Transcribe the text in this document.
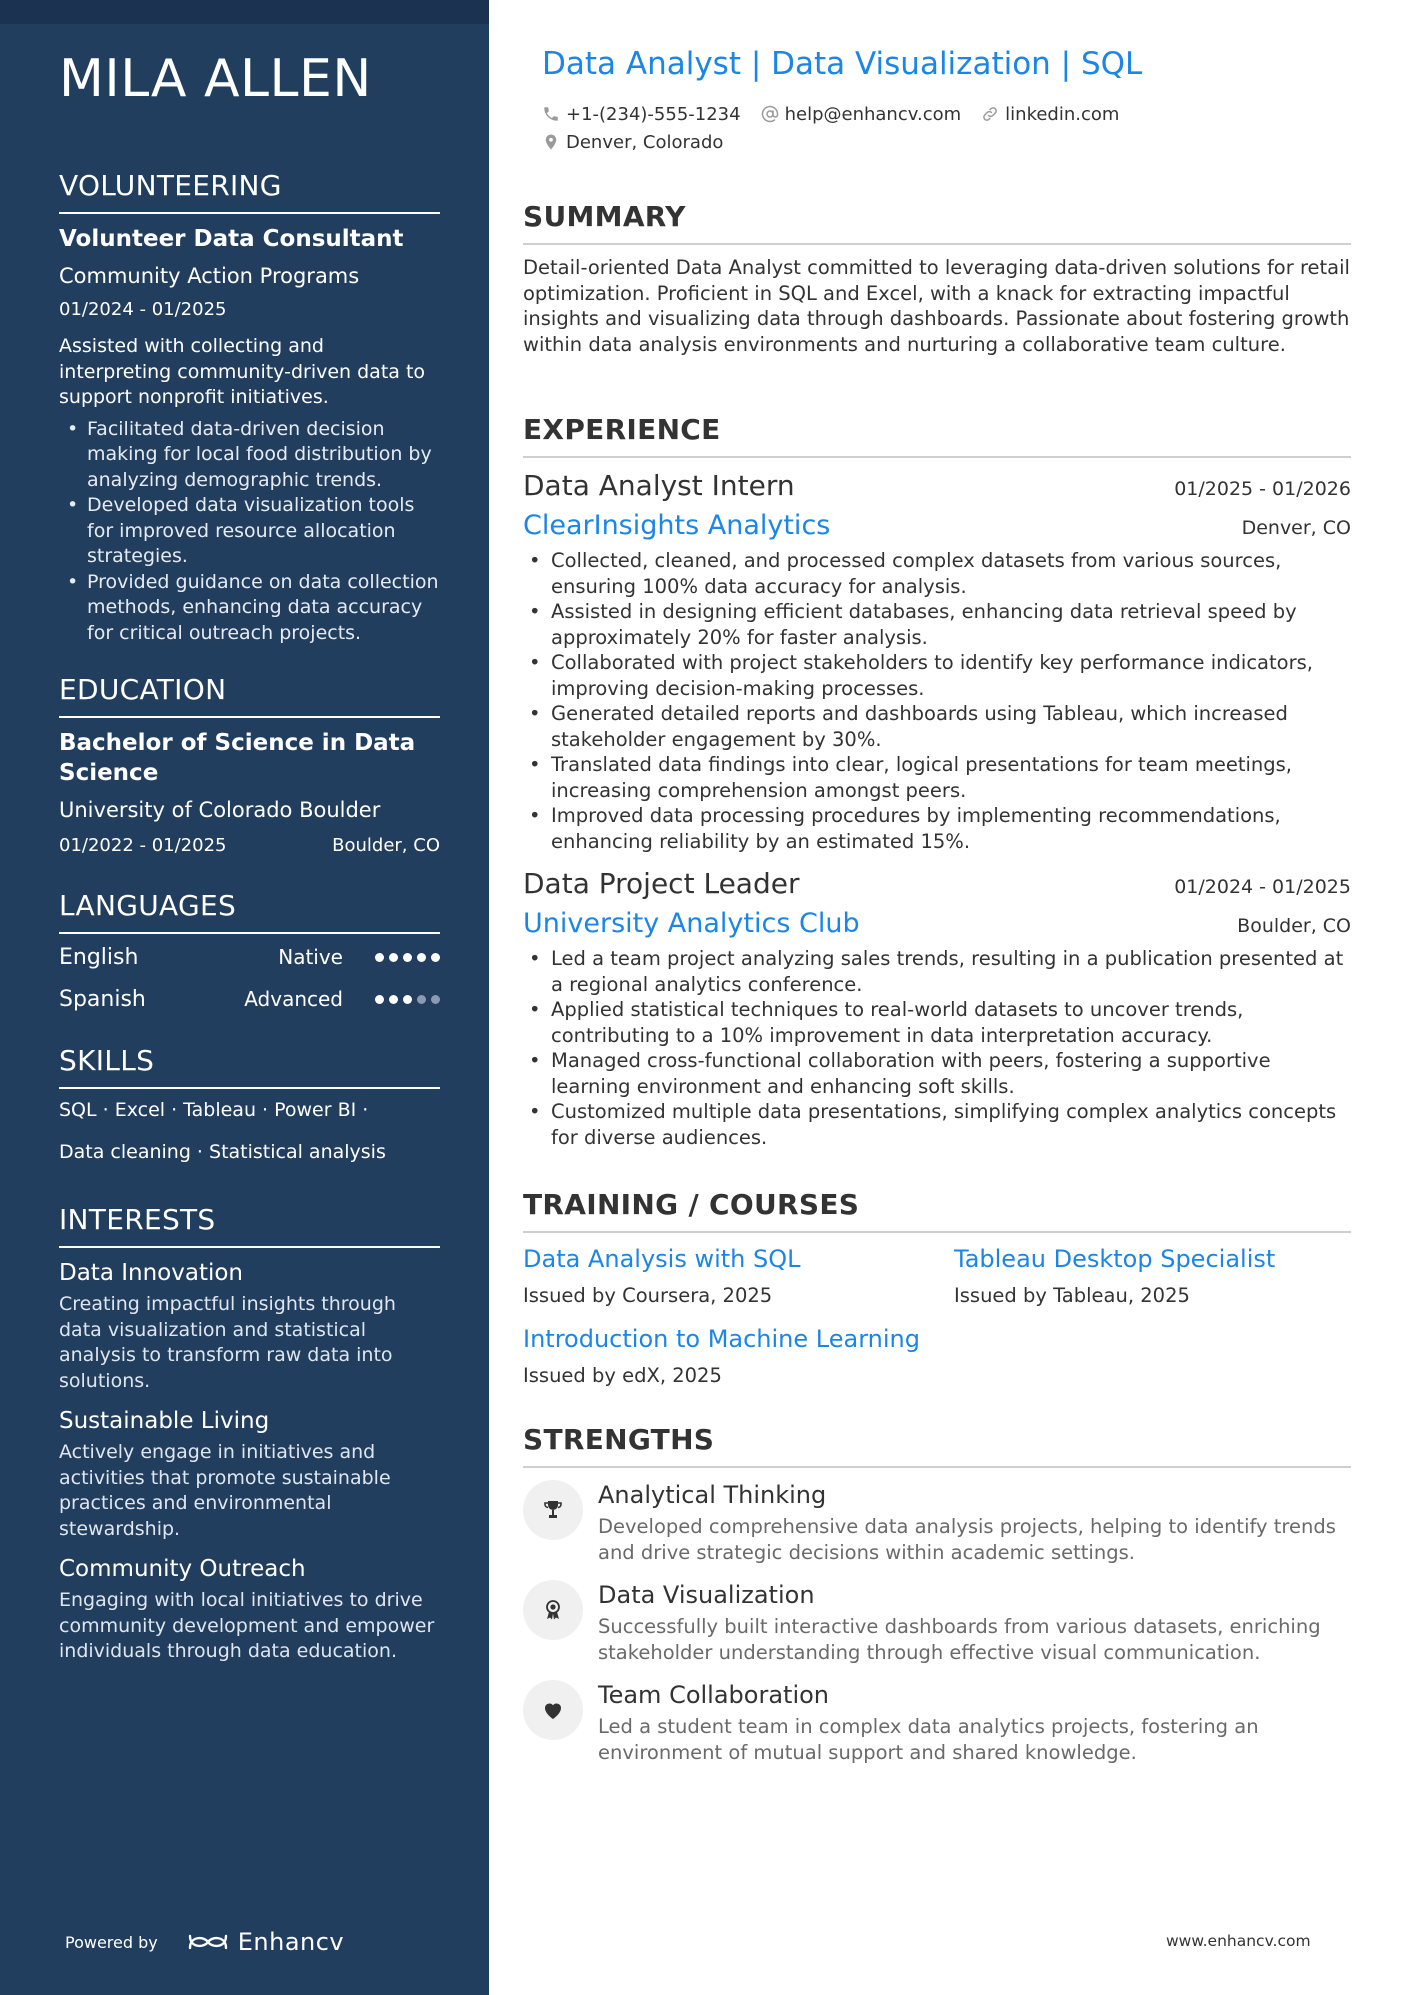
MILA ALLEN
VOLUNTEERING
Volunteer Data Consultant
Community Action Programs
01/2024 - 01/2025
Assisted with collecting and interpreting community-driven data to support nonprofit initiatives.
• Facilitated data-driven decision making for local food distribution by analyzing demographic trends.
• Developed data visualization tools for improved resource allocation strategies.
• Provided guidance on data collection methods, enhancing data accuracy for critical outreach projects.
EDUCATION
Bachelor of Science in Data Science
University of Colorado Boulder
01/2022 - 01/2025	Boulder, CO
LANGUAGES
English	Native
Spanish	Advanced
SKILLS
SQL · Excel · Tableau · Power BI ·
Data cleaning · Statistical analysis
INTERESTS
Data Innovation
Creating impactful insights through data visualization and statistical analysis to transform raw data into solutions.
Sustainable Living
Actively engage in initiatives and activities that promote sustainable practices and environmental stewardship.
Community Outreach
Engaging with local initiatives to drive community development and empower individuals through data education.
Powered by	Enhancv
Data Analyst | Data Visualization | SQL
+1-(234)-555-1234 help@enhancv.com linkedin.com
Denver, Colorado
SUMMARY

Detail-oriented Data Analyst committed to leveraging data-driven solutions for retail optimization. Proficient in SQL and Excel, with a knack for extracting impactful insights and visualizing data through dashboards. Passionate about fostering growth within data analysis environments and nurturing a collaborative team culture.

EXPERIENCE
Data Analyst Intern	01/2025 - 01/2026
ClearInsights Analytics	Denver, CO
• Collected, cleaned, and processed complex datasets from various sources, ensuring 100% data accuracy for analysis.
• Assisted in designing efficient databases, enhancing data retrieval speed by approximately 20% for faster analysis.
• Collaborated with project stakeholders to identify key performance indicators, improving decision-making processes.
• Generated detailed reports and dashboards using Tableau, which increased stakeholder engagement by 30%.
• Translated data findings into clear, logical presentations for team meetings, increasing comprehension amongst peers.
• Improved data processing procedures by implementing recommendations, enhancing reliability by an estimated 15%.
Data Project Leader	01/2024 - 01/2025
University Analytics Club	Boulder, CO
• Led a team project analyzing sales trends, resulting in a publication presented at a regional analytics conference.
• Applied statistical techniques to real-world datasets to uncover trends, contributing to a 10% improvement in data interpretation accuracy.
• Managed cross-functional collaboration with peers, fostering a supportive learning environment and enhancing soft skills.
• Customized multiple data presentations, simplifying complex analytics concepts for diverse audiences.
TRAINING / COURSES
Data Analysis with SQL
Issued by Coursera, 2025
Tableau Desktop Specialist
Issued by Tableau, 2025
Introduction to Machine Learning
Issued by edX, 2025
STRENGTHS
Analytical Thinking
Developed comprehensive data analysis projects, helping to identify trends and drive strategic decisions within academic settings.
Data Visualization
Successfully built interactive dashboards from various datasets, enriching stakeholder understanding through effective visual communication.
Team Collaboration
Led a student team in complex data analytics projects, fostering an environment of mutual support and shared knowledge.
www.enhancv.com
